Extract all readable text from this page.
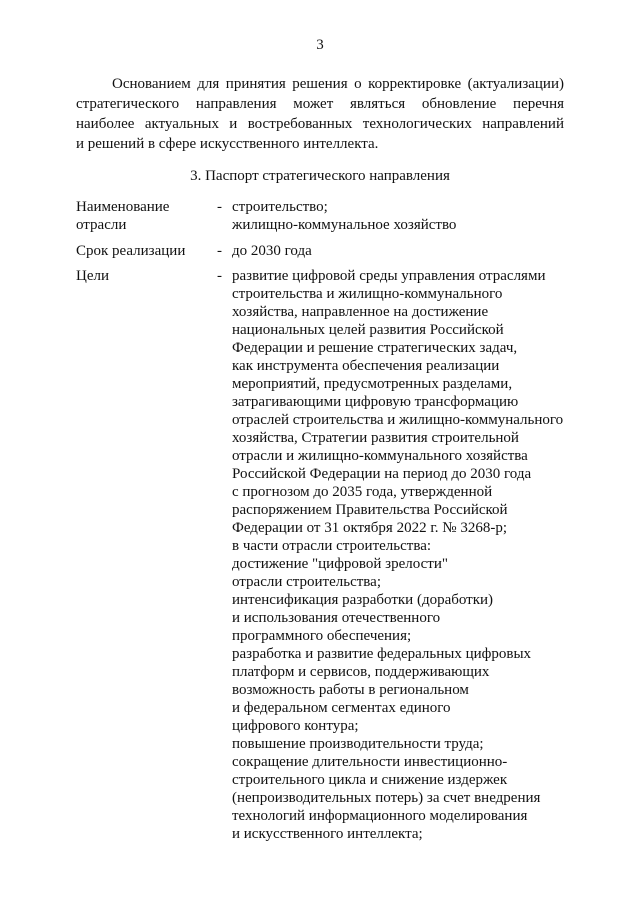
3
Основанием для принятия решения о корректировке (актуализации)
стратегического направления может являться обновление перечня
наиболее актуальных и востребованных технологических направлений
и решений в сфере искусственного интеллекта.
3. Паспорт стратегического направления
Наименование
отрасли
- строительство;
жилищно-коммунальное хозяйство
Срок реализации	- до 2030 года
Цели	- развитие цифровой среды управления отраслями
строительства и жилищно-коммунального
хозяйства, направленное на достижение
национальных целей развития Российской
Федерации и решение стратегических задач,
как инструмента обеспечения реализации
мероприятий, предусмотренных разделами,
затрагивающими цифровую трансформацию
отраслей строительства и жилищно-коммунального
хозяйства, Стратегии развития строительной
отрасли и жилищно-коммунального хозяйства
Российской Федерации на период до 2030 года
с прогнозом до 2035 года, утвержденной
распоряжением Правительства Российской
Федерации от 31 октября 2022 г. № 3268-р;
в части отрасли строительства:
достижение "цифровой зрелости"
отрасли строительства;
интенсификация разработки (доработки)
и использования отечественного
программного обеспечения;
разработка и развитие федеральных цифровых
платформ и сервисов, поддерживающих
возможность работы в региональном
и федеральном сегментах единого
цифрового контура;
повышение производительности труда;
сокращение длительности инвестиционно-
строительного цикла и снижение издержек
(непроизводительных потерь) за счет внедрения
технологий информационного моделирования
и искусственного интеллекта;
